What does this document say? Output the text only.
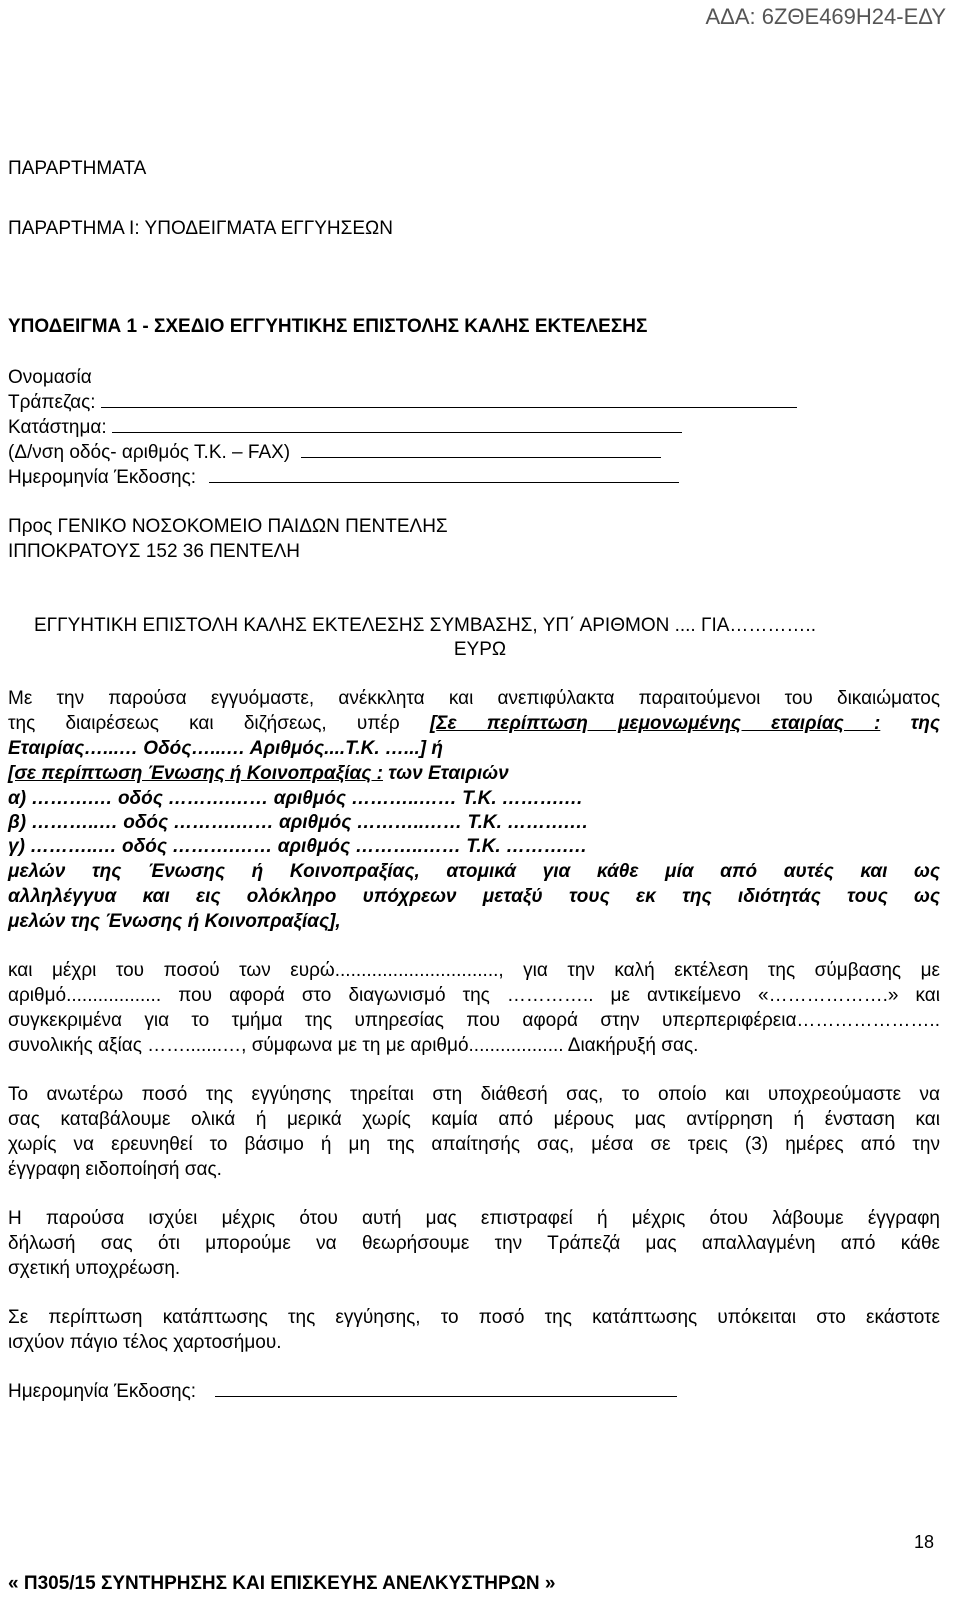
ΑΔΑ: 6ΖΘΕ469Η24-ΕΔΥ
ΠΑΡΑΡΤΗΜΑΤΑ
ΠΑΡΑΡΤΗΜΑ Ι: ΥΠΟΔΕΙΓΜΑΤΑ ΕΓΓΥΗΣΕΩΝ
ΥΠΟΔΕΙΓΜΑ 1 - ΣΧΕΔΙΟ ΕΓΓΥΗΤΙΚΗΣ ΕΠΙΣΤΟΛΗΣ ΚΑΛΗΣ ΕΚΤΕΛΕΣΗΣ
Ονομασία
Τράπεζας:
Κατάστημα:
(Δ/νση οδός- αριθμός Τ.Κ. – FAX)
Ημερομηνία Έκδοσης:
Προς ΓΕΝΙΚΟ ΝΟΣΟΚΟΜΕΙΟ ΠΑΙΔΩΝ ΠΕΝΤΕΛΗΣ
ΙΠΠΟΚΡΑΤΟΥΣ 152 36 ΠΕΝΤΕΛΗ
ΕΓΓΥΗΤΙΚΗ ΕΠΙΣΤΟΛΗ ΚΑΛΗΣ ΕΚΤΕΛΕΣΗΣ ΣΥΜΒΑΣΗΣ, ΥΠ΄ ΑΡΙΘΜΟΝ .... ΓΙΑ…………..
ΕΥΡΩ
Με την παρούσα εγγυόμαστε, ανέκκλητα και ανεπιφύλακτα παραιτούμενοι του δικαιώματος
της διαιρέσεως και διζήσεως, υπέρ [Σε περίπτωση μεμονωμένης εταιρίας : της
Εταιρίας…...… Οδός…...… Αριθμός....Τ.Κ. …...] ή
[σε περίπτωση Ένωσης ή Κοινοπραξίας : των Εταιριών
α) ……….… οδός ……….…… αριθμός ………..…… Τ.Κ. ……….…
β) ………..… οδός ……….…… αριθμός ………..…… Τ.Κ. ……….…
γ) ………..… οδός ……….…… αριθμός ………..…… Τ.Κ. ……….…
μελών της Ένωσης ή Κοινοπραξίας, ατομικά για κάθε μία από αυτές και ως
αλληλέγγυα και εις ολόκληρο υπόχρεων μεταξύ τους εκ της ιδιότητάς τους ως
μελών της Ένωσης ή Κοινοπραξίας],
και μέχρι του ποσού των ευρώ..............................., για την καλή εκτέλεση της σύμβασης με
αριθμό.................. που αφορά στο διαγωνισμό της ………….. με αντικείμενο «……………….» και
συγκεκριμένα για το τμήμα της υπηρεσίας που αφορά στην υπερπεριφέρεια…………………..
συνολικής αξίας …….......…, σύμφωνα με τη με αριθμό.................. Διακήρυξή σας.
Το ανωτέρω ποσό της εγγύησης τηρείται στη διάθεσή σας, το οποίο και υποχρεούμαστε να
σας καταβάλουμε ολικά ή μερικά χωρίς καμία από μέρους μας αντίρρηση ή ένσταση και
χωρίς να ερευνηθεί το βάσιμο ή μη της απαίτησής σας, μέσα σε τρεις (3) ημέρες από την
έγγραφη ειδοποίησή σας.
Η παρούσα ισχύει μέχρις ότου αυτή μας επιστραφεί ή μέχρις ότου λάβουμε έγγραφη
δήλωσή σας ότι μπορούμε να θεωρήσουμε την Τράπεζά μας απαλλαγμένη από κάθε
σχετική υποχρέωση.
Σε περίπτωση κατάπτωσης της εγγύησης, το ποσό της κατάπτωσης υπόκειται στο εκάστοτε
ισχύον πάγιο τέλος χαρτοσήμου.
Ημερομηνία Έκδοσης:
18
« Π305/15 ΣΥΝΤΗΡΗΣΗΣ ΚΑΙ ΕΠΙΣΚΕΥΗΣ ΑΝΕΛΚΥΣΤΗΡΩΝ »
